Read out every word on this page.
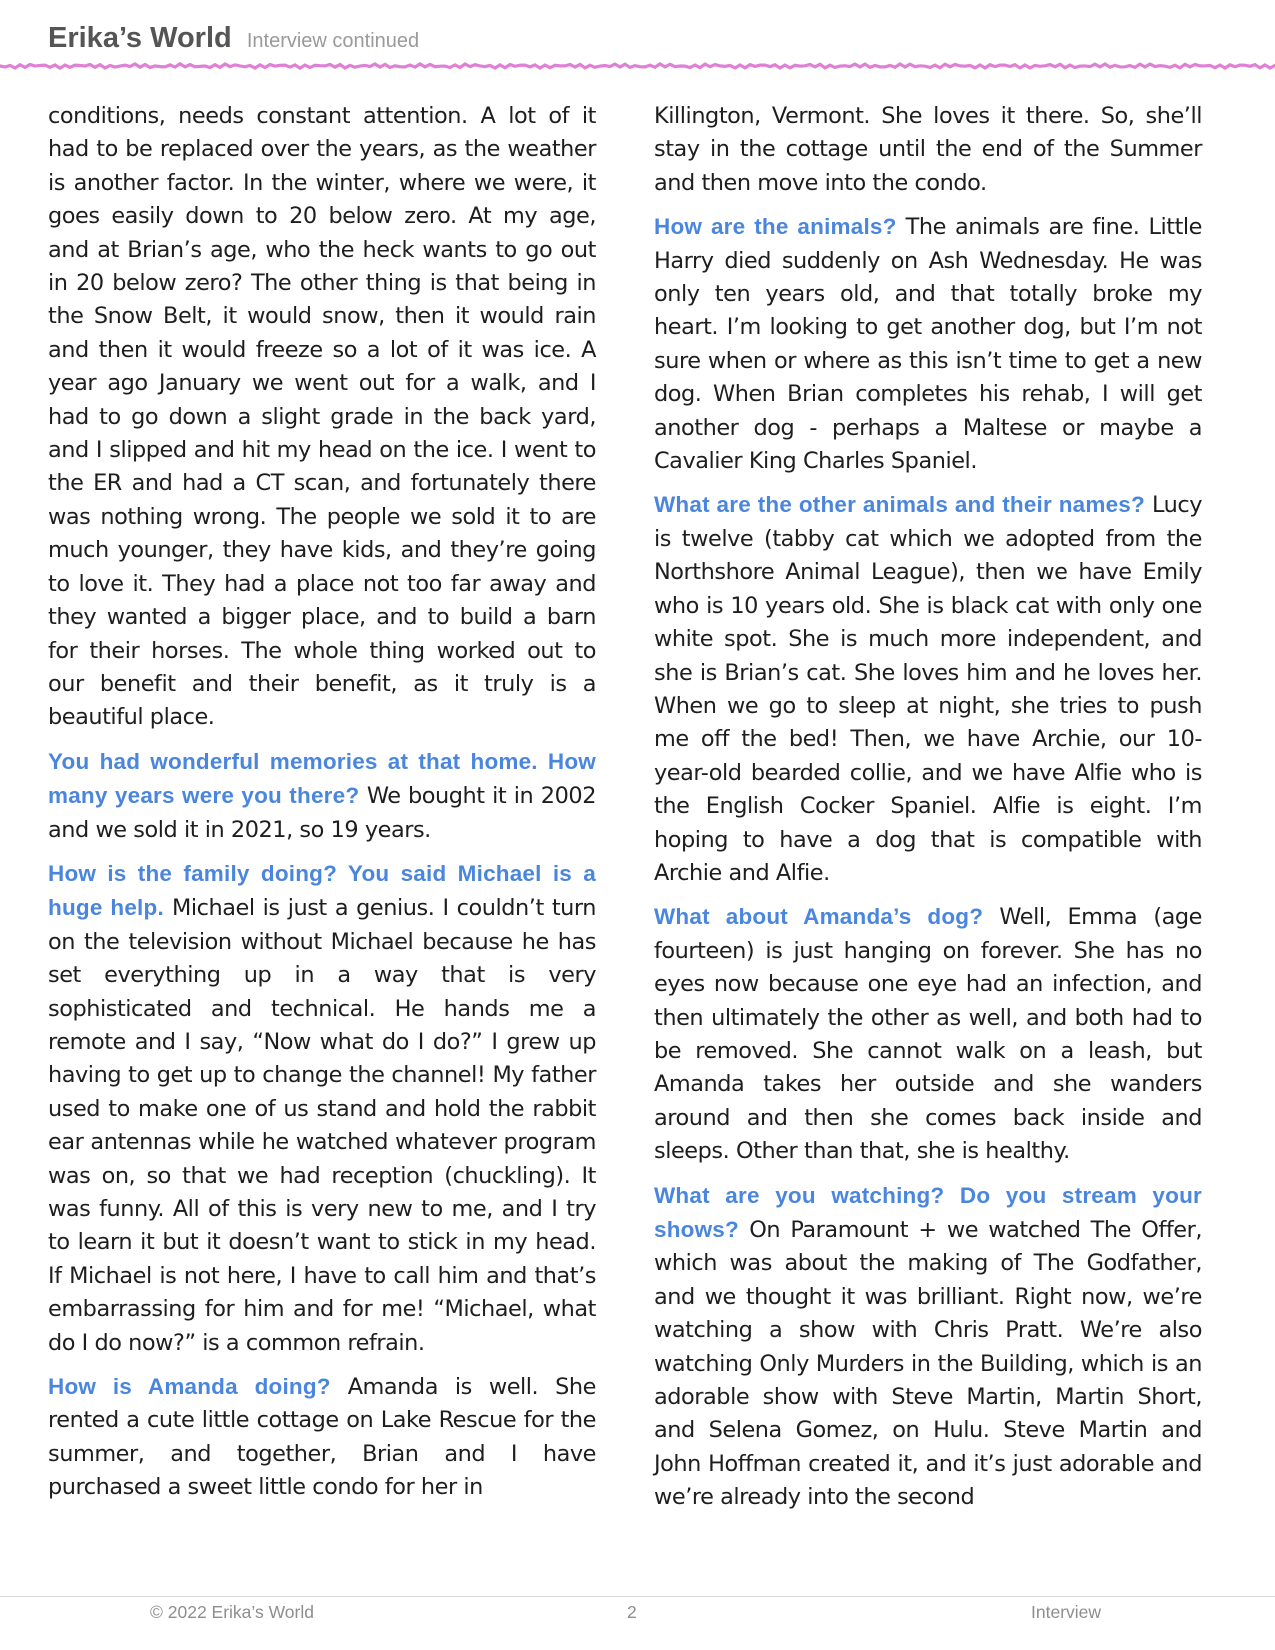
Erika’s World Interview continued

conditions, needs constant attention. A lot of it had to be replaced over the years, as the weather is another factor. In the winter, where we were, it goes easily down to 20 below zero. At my age, and at Brian’s age, who the heck wants to go out in 20 below zero? The other thing is that being in the Snow Belt, it would snow, then it would rain and then it would freeze so a lot of it was ice. A year ago January we went out for a walk, and I had to go down a slight grade in the back yard, and I slipped and hit my head on the ice. I went to the ER and had a CT scan, and fortunately there was nothing wrong. The people we sold it to are much younger, they have kids, and they’re going to love it. They had a place not too far away and they wanted a bigger place, and to build a barn for their horses. The whole thing worked out to our benefit and their benefit, as it truly is a beautiful place.

You had wonderful memories at that home. How many years were you there? We bought it in 2002 and we sold it in 2021, so 19 years.

How is the family doing? You said Michael is a huge help. Michael is just a genius. I couldn’t turn on the television without Michael because he has set everything up in a way that is very sophisticated and technical. He hands me a remote and I say, “Now what do I do?” I grew up having to get up to change the channel! My father used to make one of us stand and hold the rabbit ear antennas while he watched whatever program was on, so that we had reception (chuckling). It was funny. All of this is very new to me, and I try to learn it but it doesn’t want to stick in my head. If Michael is not here, I have to call him and that’s embarrassing for him and for me! “Michael, what do I do now?” is a common refrain.

How is Amanda doing? Amanda is well. She rented a cute little cottage on Lake Rescue for the summer, and together, Brian and I have purchased a sweet little condo for her in

Killington, Vermont. She loves it there. So, she’ll stay in the cottage until the end of the Summer and then move into the condo.

How are the animals? The animals are fine. Little Harry died suddenly on Ash Wednesday. He was only ten years old, and that totally broke my heart. I’m looking to get another dog, but I’m not sure when or where as this isn’t time to get a new dog. When Brian completes his rehab, I will get another dog - perhaps a Maltese or maybe a Cavalier King Charles Spaniel.

What are the other animals and their names? Lucy is twelve (tabby cat which we adopted from the Northshore Animal League), then we have Emily who is 10 years old. She is black cat with only one white spot. She is much more independent, and she is Brian’s cat. She loves him and he loves her. When we go to sleep at night, she tries to push me off the bed! Then, we have Archie, our 10-year-old bearded collie, and we have Alfie who is the English Cocker Spaniel. Alfie is eight. I’m hoping to have a dog that is compatible with Archie and Alfie.

What about Amanda’s dog? Well, Emma (age fourteen) is just hanging on forever. She has no eyes now because one eye had an infection, and then ultimately the other as well, and both had to be removed. She cannot walk on a leash, but Amanda takes her outside and she wanders around and then she comes back inside and sleeps. Other than that, she is healthy.

What are you watching? Do you stream your shows? On Paramount + we watched The Offer, which was about the making of The Godfather, and we thought it was brilliant. Right now, we’re watching a show with Chris Pratt. We’re also watching Only Murders in the Building, which is an adorable show with Steve Martin, Martin Short, and Selena Gomez, on Hulu. Steve Martin and John Hoffman created it, and it’s just adorable and we’re already into the second

© 2022 Erika’s World	2	Interview
